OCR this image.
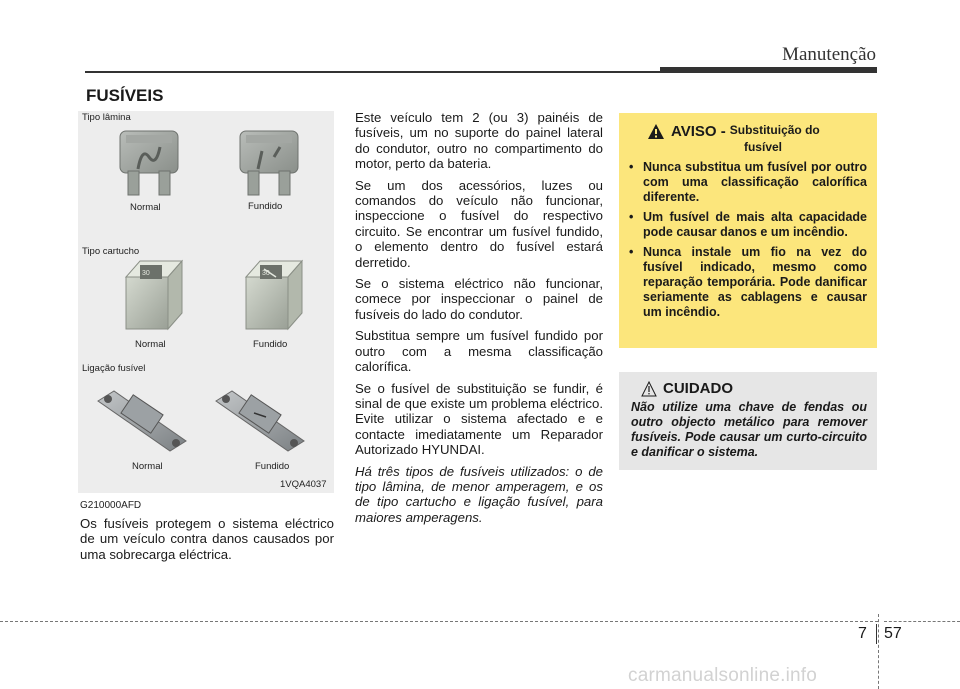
Manutenção
FUSÍVEIS
30	30
Tipo lâmina
Normal	Fundido
Tipo cartucho
Normal	Fundido
Ligação fusível
Normal	Fundido
1VQA4037
G210000AFD

Os fusíveis protegem o sistema eléctrico de um veículo contra danos causados por uma sobrecarga eléctrica.

Este veículo tem 2 (ou 3) painéis de fusíveis, um no suporte do painel lateral do condutor, outro no compartimento do motor, perto da bateria.

Se um dos acessórios, luzes ou comandos do veículo não funcionar, inspeccione o fusível do respectivo circuito. Se encontrar um fusível fundido, o elemento dentro do fusível estará derretido.

Se o sistema eléctrico não funcionar, comece por inspeccionar o painel de fusíveis do lado do condutor.

Substitua sempre um fusível fundido por outro com a mesma classificação calorífica.

Se o fusível de substituição se fundir, é sinal de que existe um problema eléctrico. Evite utilizar o sistema afectado e e contacte imediatamente um Reparador Autorizado HYUNDAI.

Há três tipos de fusíveis utilizados: o de tipo lâmina, de menor amperagem, e os de tipo cartucho e ligação fusível, para maiores amperagens.

AVISO - Substituição do
fusível
• Nunca substitua um fusível por outro com uma classificação calorífica diferente.
• Um fusível de mais alta capacidade pode causar danos e um incêndio.
• Nunca instale um fio na vez do fusível indicado, mesmo como reparação temporária. Pode danificar seriamente as cablagens e causar um incêndio.
CUIDADO
Não utilize uma chave de fendas ou outro objecto metálico para remover fusíveis. Pode causar um curto-circuito e danificar o sistema.
7 57
carmanualsonline.info
